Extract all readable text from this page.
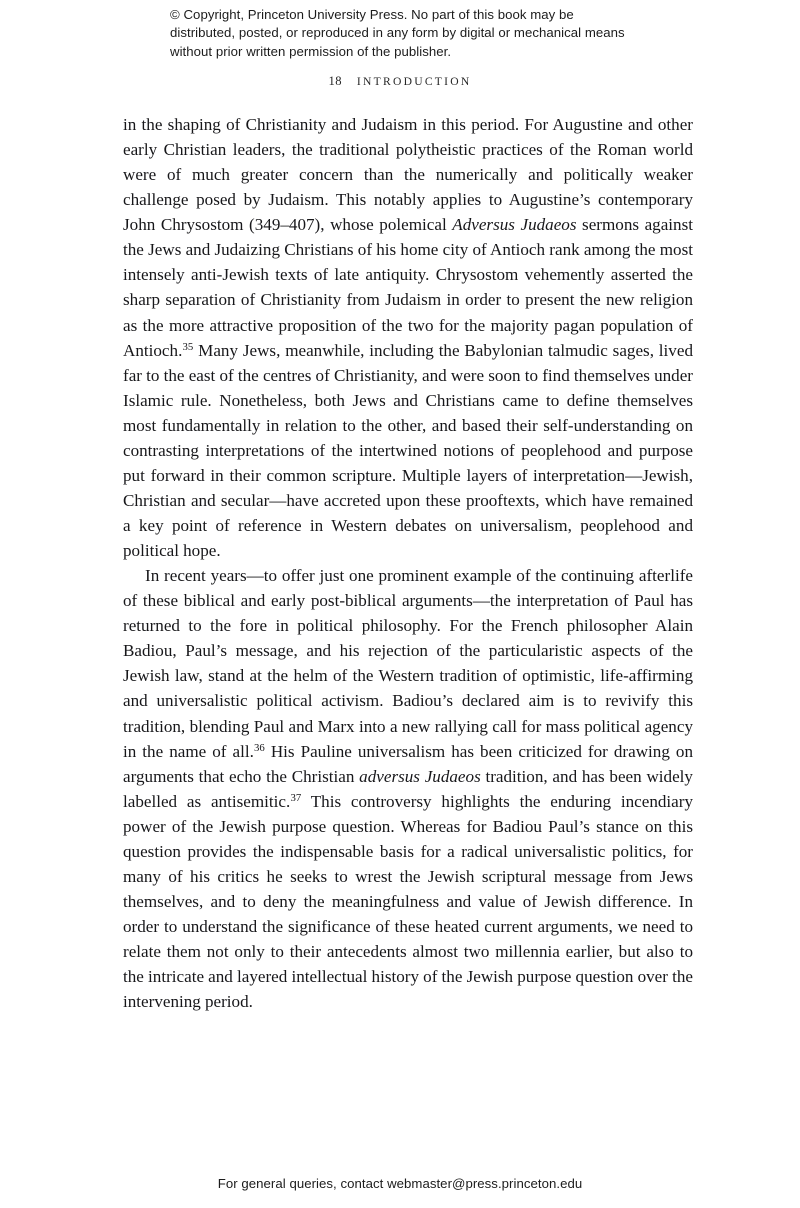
© Copyright, Princeton University Press. No part of this book may be distributed, posted, or reproduced in any form by digital or mechanical means without prior written permission of the publisher.
18 INTRODUCTION

in the shaping of Christianity and Judaism in this period. For Augustine and other early Christian leaders, the traditional polytheistic practices of the Roman world were of much greater concern than the numerically and politically weaker challenge posed by Judaism. This notably applies to Augustine’s contemporary John Chrysostom (349–407), whose polemical Adversus Judaeos sermons against the Jews and Judaizing Christians of his home city of Antioch rank among the most intensely anti-Jewish texts of late antiquity. Chrysostom vehemently asserted the sharp separation of Christianity from Judaism in order to present the new religion as the more attractive proposition of the two for the majority pagan population of Antioch.$^{35}$ Many Jews, meanwhile, including the Babylonian talmudic sages, lived far to the east of the centres of Christianity, and were soon to find themselves under Islamic rule. Nonetheless, both Jews and Christians came to define themselves most fundamentally in relation to the other, and based their self-understanding on contrasting interpretations of the intertwined notions of peoplehood and purpose put forward in their common scripture. Multiple layers of interpretation—Jewish, Christian and secular—have accreted upon these prooftexts, which have remained a key point of reference in Western debates on universalism, peoplehood and political hope.

In recent years—to offer just one prominent example of the continuing afterlife of these biblical and early post-biblical arguments—the interpretation of Paul has returned to the fore in political philosophy. For the French philosopher Alain Badiou, Paul’s message, and his rejection of the particularistic aspects of the Jewish law, stand at the helm of the Western tradition of optimistic, life-affirming and universalistic political activism. Badiou’s declared aim is to revivify this tradition, blending Paul and Marx into a new rallying call for mass political agency in the name of all.$^{36}$ His Pauline universalism has been criticized for drawing on arguments that echo the Christian adversus Judaeos tradition, and has been widely labelled as antisemitic.$^{37}$ This controversy highlights the enduring incendiary power of the Jewish purpose question. Whereas for Badiou Paul’s stance on this question provides the indispensable basis for a radical universalistic politics, for many of his critics he seeks to wrest the Jewish scriptural message from Jews themselves, and to deny the meaningfulness and value of Jewish difference. In order to understand the significance of these heated current arguments, we need to relate them not only to their antecedents almost two millennia earlier, but also to the intricate and layered intellectual history of the Jewish purpose question over the intervening period.

For general queries, contact webmaster@press.princeton.edu
